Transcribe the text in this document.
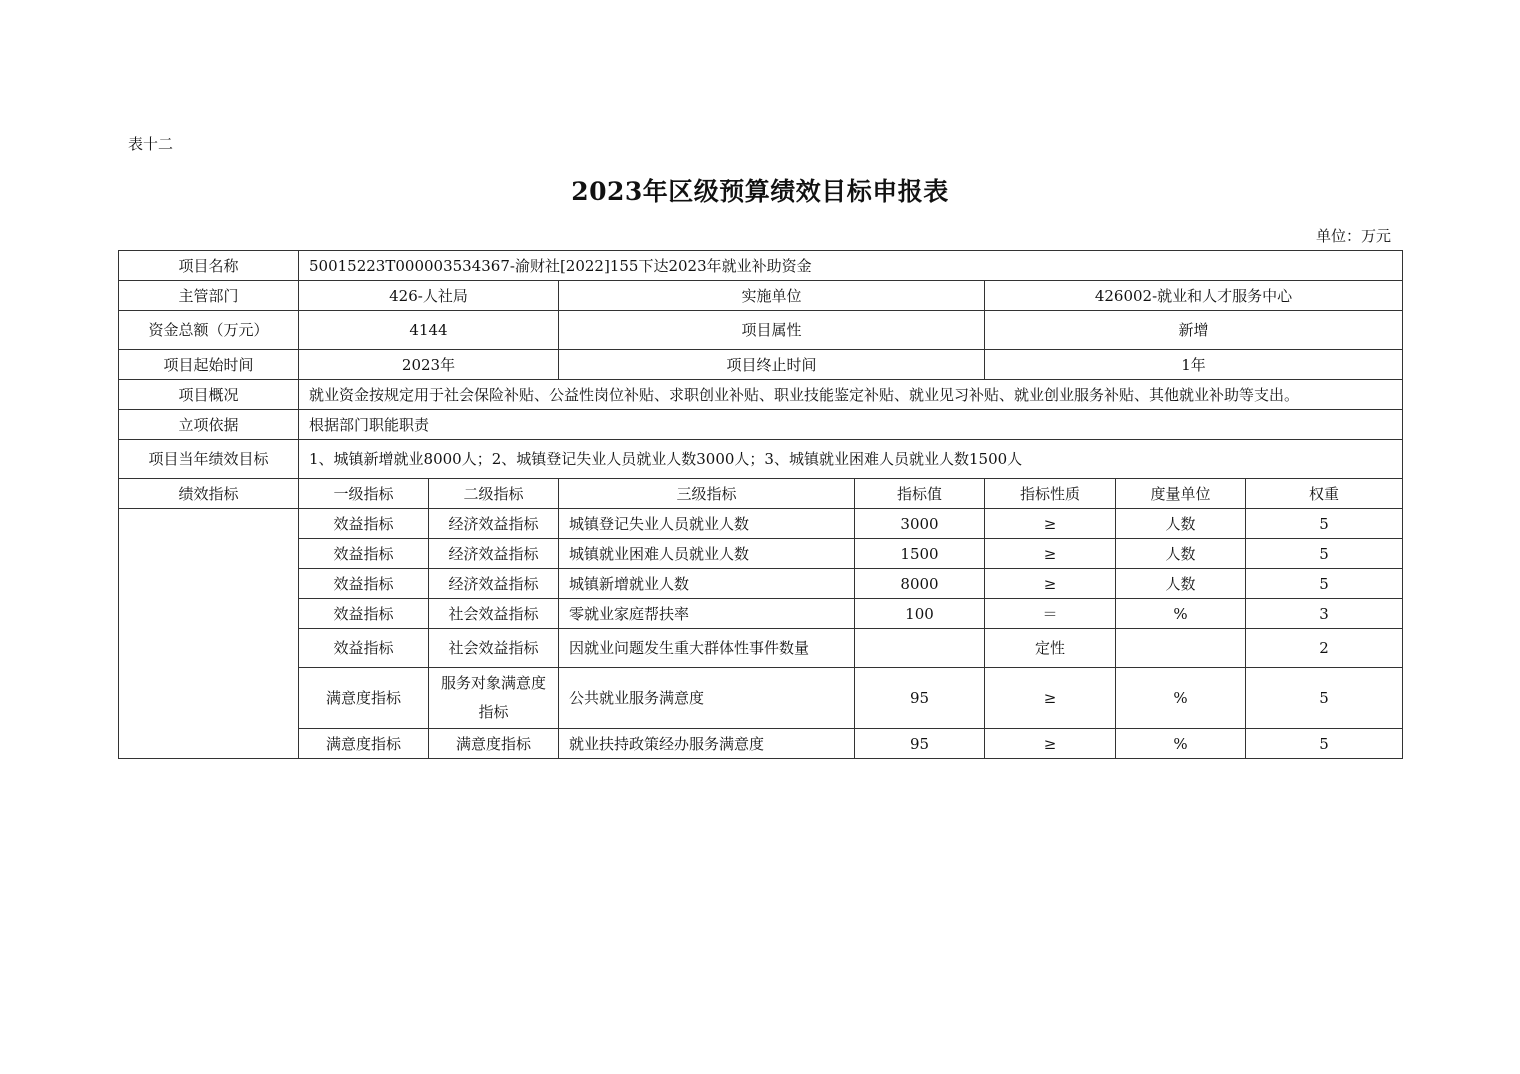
表十二
2023年区级预算绩效目标申报表
单位：万元
项目名称	50015223T000003534367-渝财社[2022]155下达2023年就业补助资金						
主管部门	426-人社局		实施单位		426002-就业和人才服务中心		
资金总额（万元）	4144		项目属性		新增		
项目起始时间	2023年		项目终止时间		1年		
项目概况	就业资金按规定用于社会保险补贴、公益性岗位补贴、求职创业补贴、职业技能鉴定补贴、就业见习补贴、就业创业服务补贴、其他就业补助等支出。						
立项依据	根据部门职能职责						
项目当年绩效目标	1、城镇新增就业8000人；2、城镇登记失业人员就业人数3000人；3、城镇就业困难人员就业人数1500人						
绩效指标	一级指标	二级指标	三级指标	指标值	指标性质	度量单位	权重
	效益指标	经济效益指标	城镇登记失业人员就业人数	3000	≥	人数	5
	效益指标	经济效益指标	城镇就业困难人员就业人数	1500	≥	人数	5
	效益指标	经济效益指标	城镇新增就业人数	8000	≥	人数	5
	效益指标	社会效益指标	零就业家庭帮扶率	100	＝	%	3
	效益指标	社会效益指标	因就业问题发生重大群体性事件数量		定性		2
	满意度指标	服务对象满意度指标	公共就业服务满意度	95	≥	%	5
	满意度指标	满意度指标	就业扶持政策经办服务满意度	95	≥	%	5
